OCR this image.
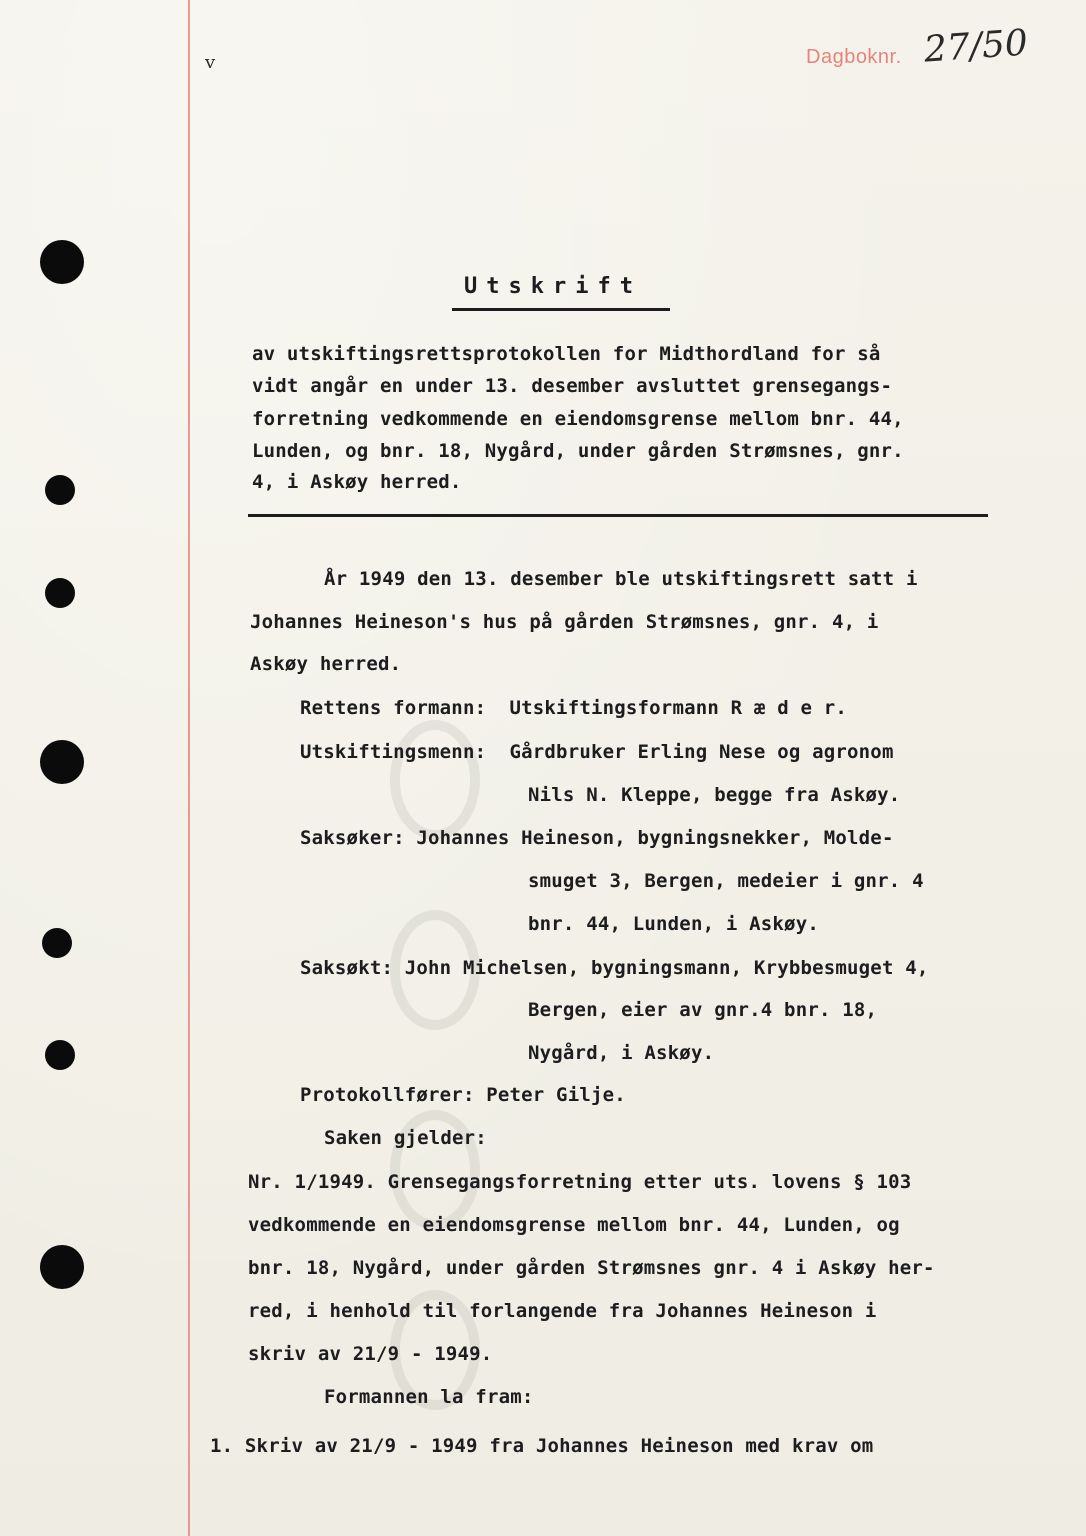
v	Dagboknr. 27/50
Utskrift
av utskiftingsrettsprotokollen for Midthordland for så
vidt angår en under 13. desember avsluttet grensegangs-
forretning vedkommende en eiendomsgrense mellom bnr. 44,
Lunden, og bnr. 18, Nygård, under gården Strømsnes, gnr.
4, i Askøy herred.
År 1949 den 13. desember ble utskiftingsrett satt i
Johannes Heineson's hus på gården Strømsnes, gnr. 4, i
Askøy herred.
Rettens formann:  Utskiftingsformann R æ d e r.
Utskiftingsmenn:  Gårdbruker Erling Nese og agronom
Nils N. Kleppe, begge fra Askøy.
Saksøker: Johannes Heineson, bygningsnekker, Molde-
smuget 3, Bergen, medeier i gnr. 4
bnr. 44, Lunden, i Askøy.
Saksøkt: John Michelsen, bygningsmann, Krybbesmuget 4,
Bergen, eier av gnr.4 bnr. 18,
Nygård, i Askøy.
Protokollfører: Peter Gilje.
Saken gjelder:
Nr. 1/1949. Grensegangsforretning etter uts. lovens § 103
vedkommende en eiendomsgrense mellom bnr. 44, Lunden, og
bnr. 18, Nygård, under gården Strømsnes gnr. 4 i Askøy her-
red, i henhold til forlangende fra Johannes Heineson i
skriv av 21/9 - 1949.
Formannen la fram:
1. Skriv av 21/9 - 1949 fra Johannes Heineson med krav om
